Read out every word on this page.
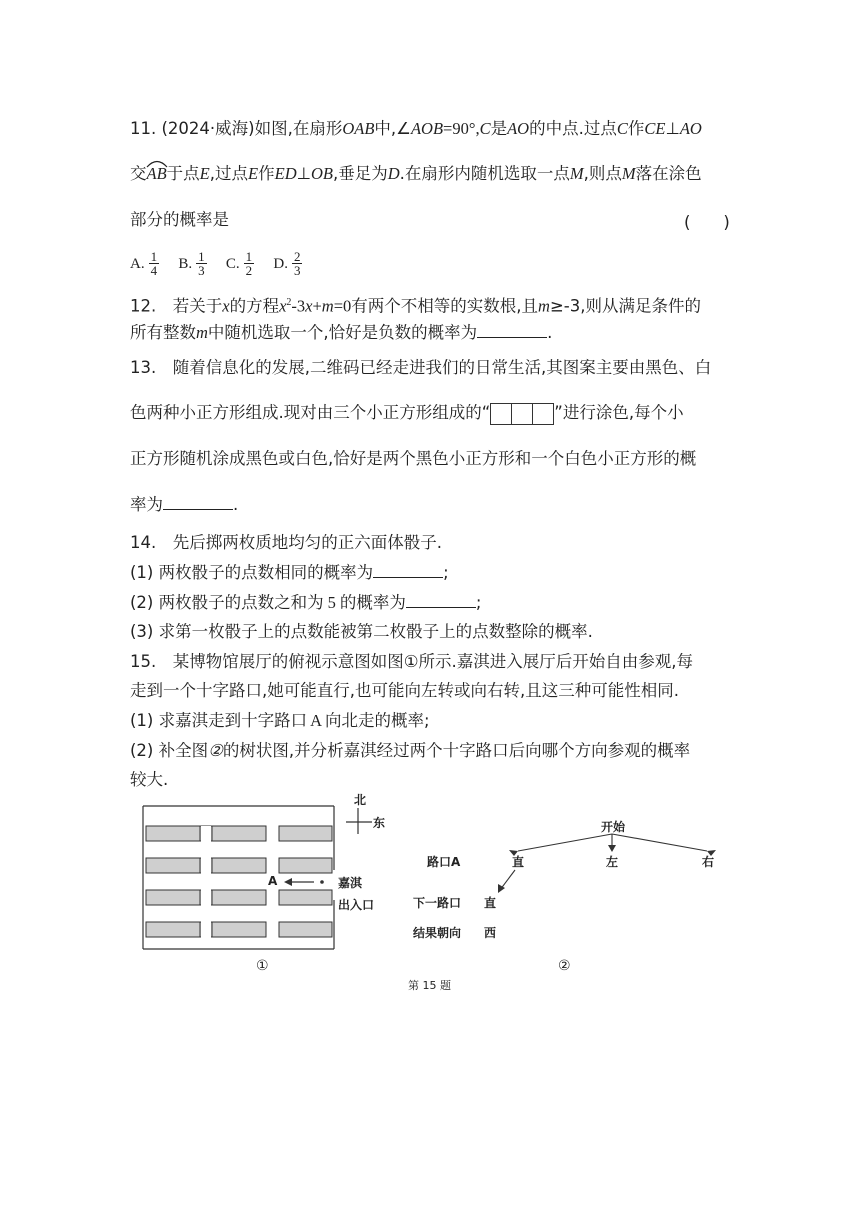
11. (2024·威海)如图,在扇形OAB中,∠AOB=90°,C是AO的中点.过点C作CE⊥AO
交
AB于点E,过点E作ED⊥OB,垂足为D.在扇形内随机选取一点M,则点M落在涂色
部分的概率是	(　　)
A. $\frac{1}{4} B$. $\frac{1}{3} C$. $\frac{1}{2} D$. $\frac{2}{3}$
12.　若关于x的方程$x^2-3x+m=0$有两个不相等的实数根,且m≥-3,则从满足条件的
所有整数m中随机选取一个,恰好是负数的概率为	.
13.　随着信息化的发展,二维码已经走进我们的日常生活,其图案主要由黑色、白
色两种小正方形组成.现对由三个小正方形组成的“	”进行涂色,每个小
正方形随机涂成黑色或白色,恰好是两个黑色小正方形和一个白色小正方形的概
率为	.
14.　先后掷两枚质地均匀的正六面体骰子.
(1) 两枚骰子的点数相同的概率为	;
(2) 两枚骰子的点数之和为 5 的概率为	;
(3) 求第一枚骰子上的点数能被第二枚骰子上的点数整除的概率.
15.　某博物馆展厅的俯视示意图如图①所示.嘉淇进入展厅后开始自由参观,每
走到一个十字路口,她可能直行,也可能向左转或向右转,且这三种可能性相同.
(1) 求嘉淇走到十字路口 A 向北走的概率;
(2) 补全图②的树状图,并分析嘉淇经过两个十字路口后向哪个方向参观的概率
较大.
北
东
A	嘉淇
出入口
①
开始
路口A	直	左	右
下一路口 直
结果朝向 西
②
第 15 题
